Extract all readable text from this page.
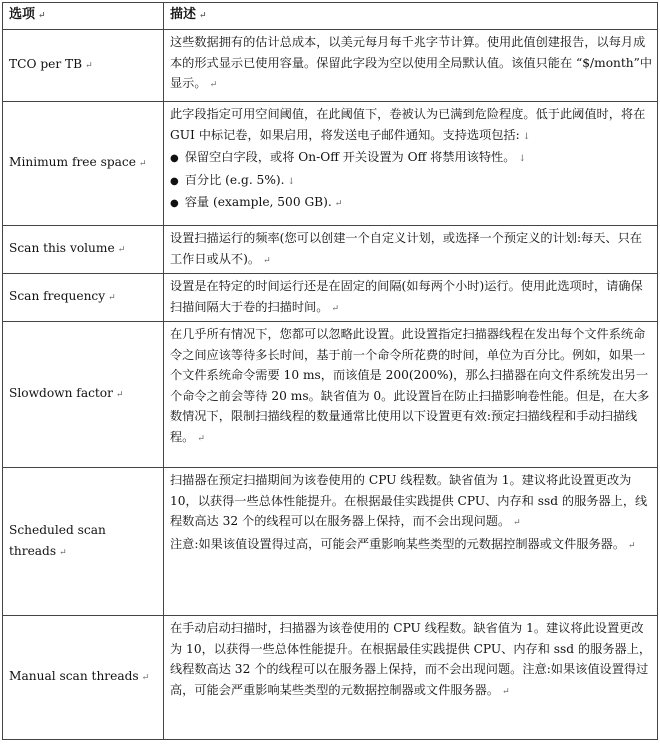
选项 ↵	描述 ↵
TCO per TB ↵	这些数据拥有的估计总成本，以美元每月每千兆字节计算。使用此值创建报告，以每月成本的形式显示已使用容量。保留此字段为空以使用全局默认值。该值只能在 “$/month”中显示。 ↵
Minimum free space ↵	此字段指定可用空间阈值，在此阈值下，卷被认为已满到危险程度。低于此阈值时，将在 GUI 中标记卷，如果启用，将发送电子邮件通知。支持选项包括: ↓
● 保留空白字段，或将 On-Off 开关设置为 Off 将禁用该特性。 ↓
● 百分比 (e.g. 5%). ↓
● 容量 (example, 500 GB). ↵

Scan this volume ↵	设置扫描运行的频率(您可以创建一个自定义计划，或选择一个预定义的计划:每天、只在工作日或从不)。 ↵
Scan frequency ↵	设置是在特定的时间运行还是在固定的间隔(如每两个小时)运行。使用此选项时，请确保扫描间隔大于卷的扫描时间。 ↵
Slowdown factor ↵	在几乎所有情况下，您都可以忽略此设置。此设置指定扫描器线程在发出每个文件系统命令之间应该等待多长时间，基于前一个命令所花费的时间，单位为百分比。例如，如果一个文件系统命令需要 10 ms，而该值是 200(200%)，那么扫描器在向文件系统发出另一个命令之前会等待 20 ms。缺省值为 0。此设置旨在防止扫描影响卷性能。但是，在大多数情况下，限制扫描线程的数量通常比使用以下设置更有效:预定扫描线程和手动扫描线程。 ↵
Scheduled scan threads ↵	扫描器在预定扫描期间为该卷使用的 CPU 线程数。缺省值为 1。建议将此设置更改为 10，以获得一些总体性能提升。在根据最佳实践提供 CPU、内存和 ssd 的服务器上，线程数高达 32 个的线程可以在服务器上保持，而不会出现问题。 ↵
注意:如果该值设置得过高，可能会严重影响某些类型的元数据控制器或文件服务器。 ↵

Manual scan threads ↵	在手动启动扫描时，扫描器为该卷使用的 CPU 线程数。缺省值为 1。建议将此设置更改为 10，以获得一些总体性能提升。在根据最佳实践提供 CPU、内存和 ssd 的服务器上，线程数高达 32 个的线程可以在服务器上保持，而不会出现问题。注意:如果该值设置得过高，可能会严重影响某些类型的元数据控制器或文件服务器。 ↵
